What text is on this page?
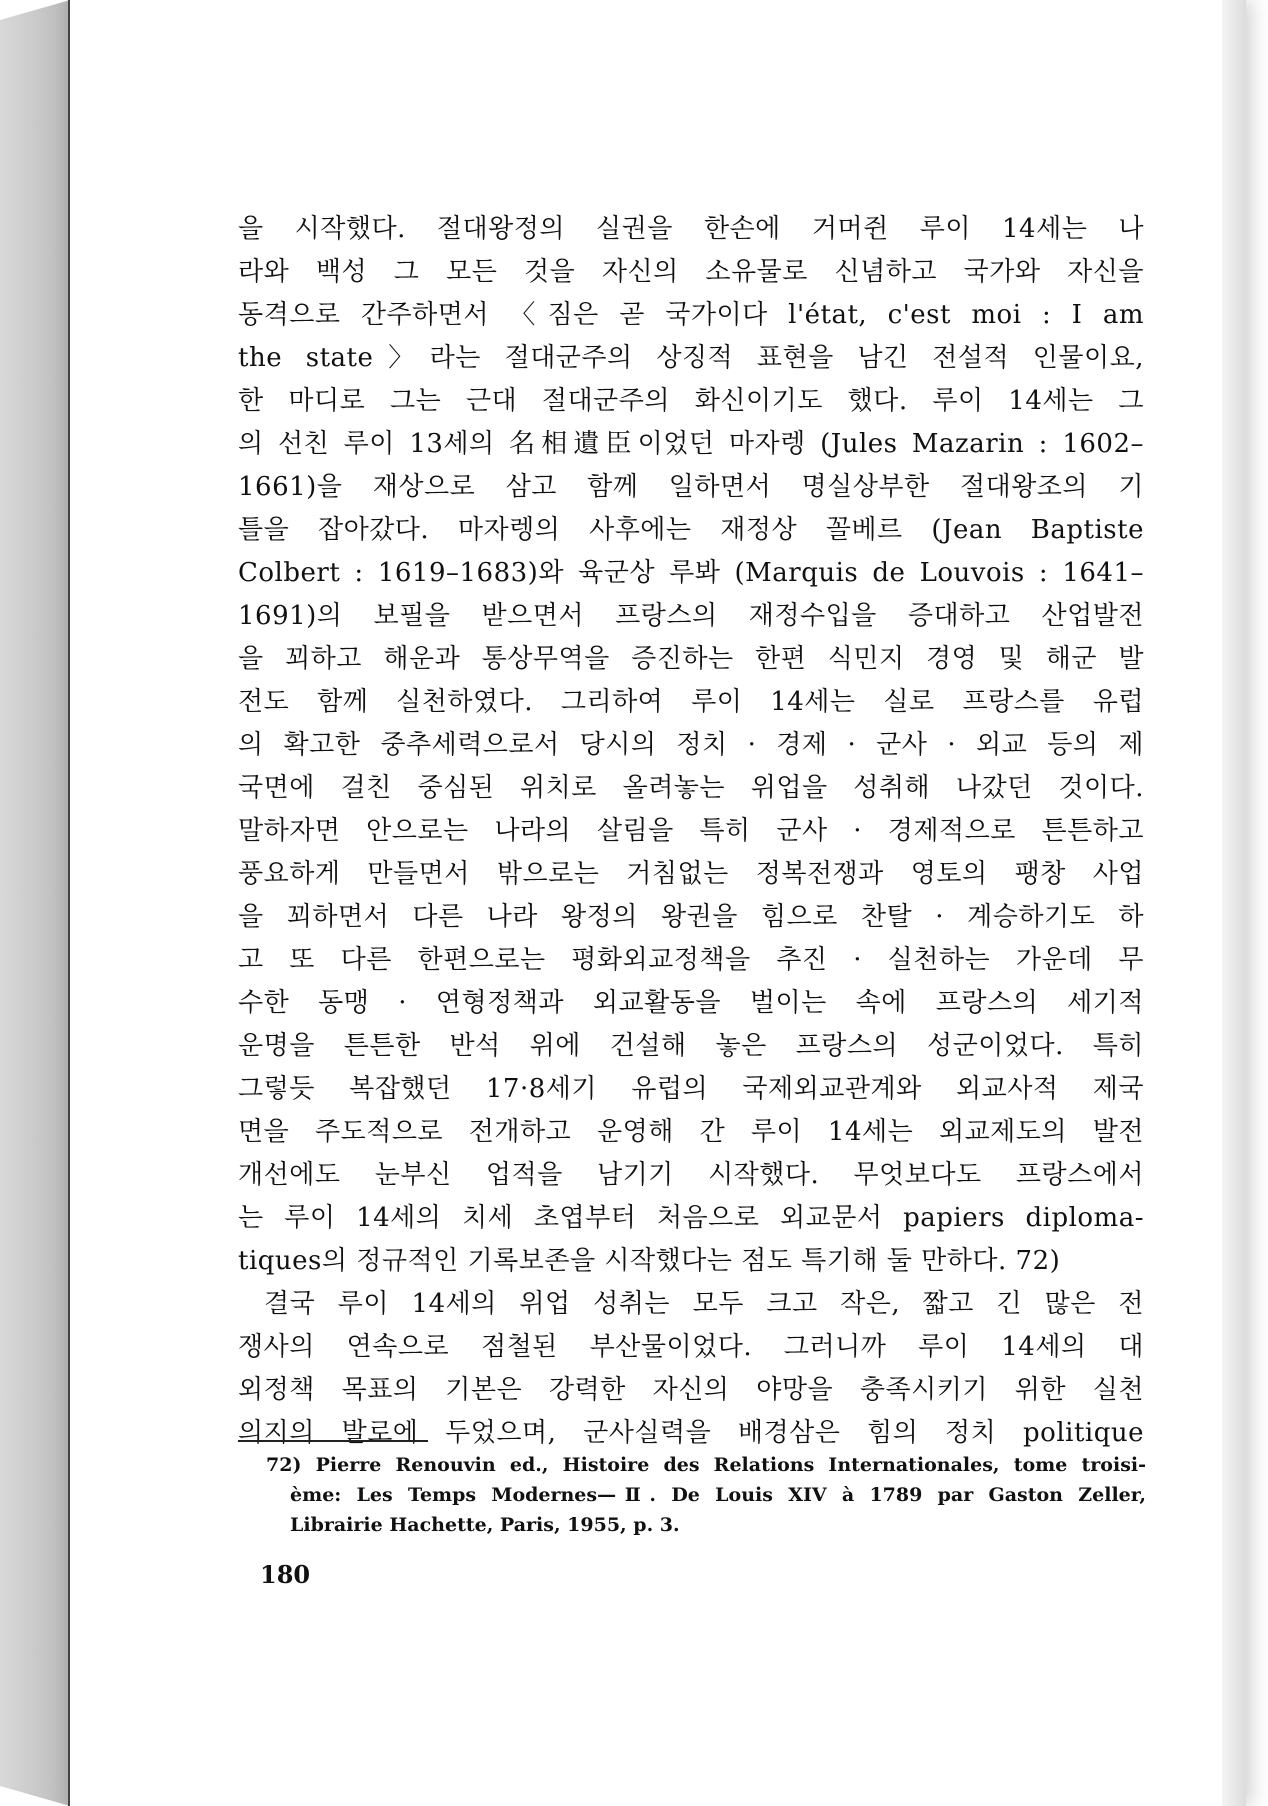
을 시작했다. 절대왕정의 실권을 한손에 거머쥔 루이 14세는 나
라와 백성 그 모든 것을 자신의 소유물로 신념하고 국가와 자신을
동격으로 간주하면서 〈짐은 곧 국가이다 l'état, c'est moi : I am
the state〉라는 절대군주의 상징적 표현을 남긴 전설적 인물이요,
한 마디로 그는 근대 절대군주의 화신이기도 했다. 루이 14세는 그
의 선친 루이 13세의 名相遺臣이었던 마자렝 (Jules Mazarin : 1602–
1661)을 재상으로 삼고 함께 일하면서 명실상부한 절대왕조의 기
틀을 잡아갔다. 마자렝의 사후에는 재정상 꼴베르 (Jean Baptiste
Colbert : 1619–1683)와 육군상 루봐 (Marquis de Louvois : 1641–
1691)의 보필을 받으면서 프랑스의 재정수입을 증대하고 산업발전
을 꾀하고 해운과 통상무역을 증진하는 한편 식민지 경영 및 해군 발
전도 함께 실천하였다. 그리하여 루이 14세는 실로 프랑스를 유럽
의 확고한 중추세력으로서 당시의 정치 · 경제 · 군사 · 외교 등의 제
국면에 걸친 중심된 위치로 올려놓는 위업을 성취해 나갔던 것이다.
말하자면 안으로는 나라의 살림을 특히 군사 · 경제적으로 튼튼하고
풍요하게 만들면서 밖으로는 거침없는 정복전쟁과 영토의 팽창 사업
을 꾀하면서 다른 나라 왕정의 왕권을 힘으로 찬탈 · 계승하기도 하
고 또 다른 한편으로는 평화외교정책을 추진 · 실천하는 가운데 무
수한 동맹 · 연형정책과 외교활동을 벌이는 속에 프랑스의 세기적
운명을 튼튼한 반석 위에 건설해 놓은 프랑스의 성군이었다. 특히
그렇듯 복잡했던 17·8세기 유럽의 국제외교관계와 외교사적 제국
면을 주도적으로 전개하고 운영해 간 루이 14세는 외교제도의 발전
개선에도 눈부신 업적을 남기기 시작했다. 무엇보다도 프랑스에서
는 루이 14세의 치세 초엽부터 처음으로 외교문서 papiers diploma-
tiques의 정규적인 기록보존을 시작했다는 점도 특기해 둘 만하다. 72)
결국 루이 14세의 위업 성취는 모두 크고 작은, 짧고 긴 많은 전
쟁사의 연속으로 점철된 부산물이었다. 그러니까 루이 14세의 대
외정책 목표의 기본은 강력한 자신의 야망을 충족시키기 위한 실천
의지의 발로에 두었으며, 군사실력을 배경삼은 힘의 정치 politique
72) Pierre Renouvin ed., Histoire des Relations Internationales, tome troisi-
ème: Les Temps Modernes—Ⅱ. De Louis XIV à 1789 par Gaston Zeller,
Librairie Hachette, Paris, 1955, p. 3.
180
